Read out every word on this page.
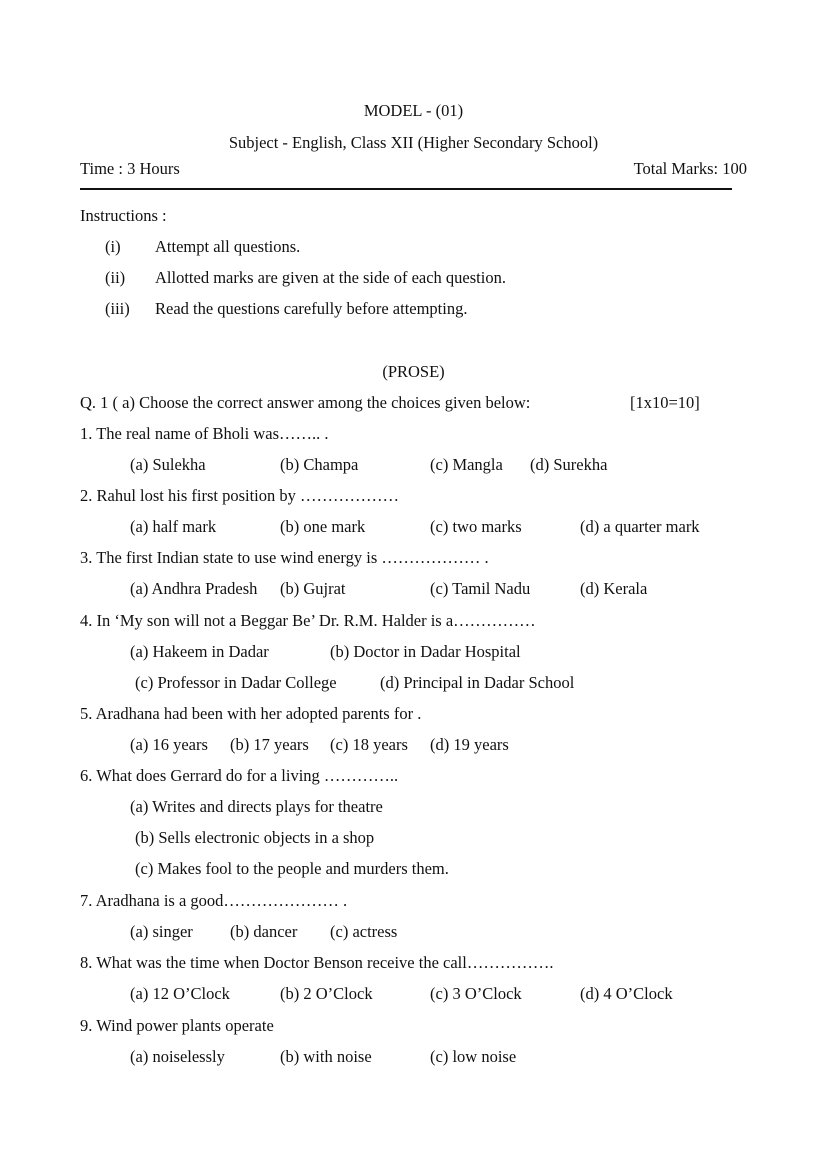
MODEL - (01)
Subject - English, Class XII (Higher Secondary School)
Time : 3 Hours	Total Marks: 100
Instructions :
(i) Attempt all questions.
(ii) Allotted marks are given at the side of each question.
(iii) Read the questions carefully before attempting.
(PROSE)
Q. 1 ( a) Choose the correct answer among the choices given below:	[1x10=10]
1. The real name of Bholi was…….. .
(a) Sulekha	(b) Champa	(c) Mangla (d) Surekha
2. Rahul lost his first position by ………………
(a) half mark	(b) one mark	(c) two marks	(d) a quarter mark
3. The first Indian state to use wind energy is ……………… .
(a) Andhra Pradesh (b) Gujrat	(c) Tamil Nadu	(d) Kerala
4. In ‘My son will not a Beggar Be’ Dr. R.M. Halder is a……………
(a) Hakeem in Dadar	(b) Doctor in Dadar Hospital
(c) Professor in Dadar College	(d) Principal in Dadar School
5. Aradhana had been with her adopted parents for .
(a) 16 years (b) 17 years (c) 18 years (d) 19 years
6. What does Gerrard do for a living …………..
(a) Writes and directs plays for theatre
(b) Sells electronic objects in a shop
(c) Makes fool to the people and murders them.
7. Aradhana is a good………………… .
(a) singer (b) dancer (c) actress
8. What was the time when Doctor Benson receive the call…………….
(a) 12 O’Clock	(b) 2 O’Clock	(c) 3 O’Clock	(d) 4 O’Clock
9. Wind power plants operate
(a) noiselessly	(b) with noise	(c) low noise
